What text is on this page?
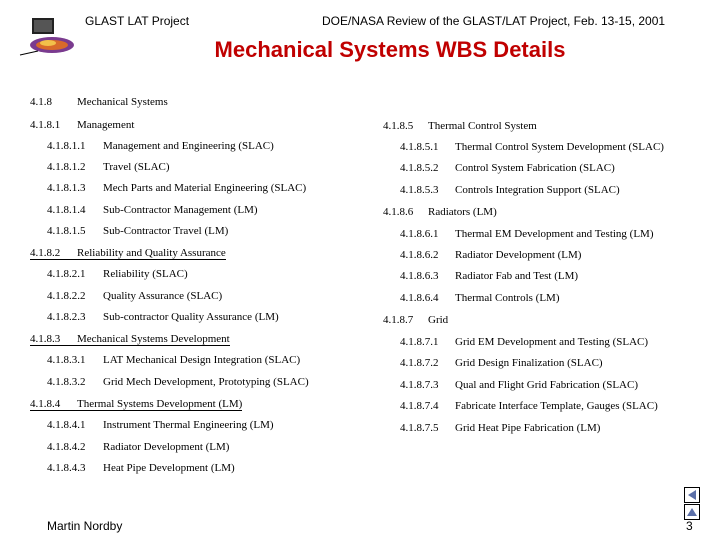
GLAST LAT Project	DOE/NASA Review of the GLAST/LAT Project, Feb. 13-15, 2001
Mechanical Systems WBS Details
4.1.8 Mechanical Systems
4.1.8.1 Management
4.1.8.1.1 Management and Engineering (SLAC)
4.1.8.1.2 Travel (SLAC)
4.1.8.1.3 Mech Parts and Material Engineering (SLAC)
4.1.8.1.4 Sub-Contractor Management (LM)
4.1.8.1.5 Sub-Contractor Travel (LM)
4.1.8.2 Reliability and Quality Assurance
4.1.8.2.1 Reliability (SLAC)
4.1.8.2.2 Quality Assurance (SLAC)
4.1.8.2.3 Sub-contractor Quality Assurance (LM)
4.1.8.3 Mechanical Systems Development
4.1.8.3.1 LAT Mechanical Design Integration (SLAC)
4.1.8.3.2 Grid Mech Development, Prototyping (SLAC)
4.1.8.4 Thermal Systems Development (LM)
4.1.8.4.1 Instrument Thermal Engineering (LM)
4.1.8.4.2 Radiator Development (LM)
4.1.8.4.3 Heat Pipe Development (LM)
4.1.8.5 Thermal Control System
4.1.8.5.1 Thermal Control System Development (SLAC)
4.1.8.5.2 Control System Fabrication (SLAC)
4.1.8.5.3 Controls Integration Support (SLAC)
4.1.8.6 Radiators (LM)
4.1.8.6.1 Thermal EM Development and Testing (LM)
4.1.8.6.2 Radiator Development (LM)
4.1.8.6.3 Radiator Fab and Test (LM)
4.1.8.6.4 Thermal Controls (LM)
4.1.8.7 Grid
4.1.8.7.1 Grid EM Development and Testing (SLAC)
4.1.8.7.2 Grid Design Finalization (SLAC)
4.1.8.7.3 Qual and Flight Grid Fabrication (SLAC)
4.1.8.7.4 Fabricate Interface Template, Gauges (SLAC)
4.1.8.7.5 Grid Heat Pipe Fabrication (LM)
Martin Nordby	3
